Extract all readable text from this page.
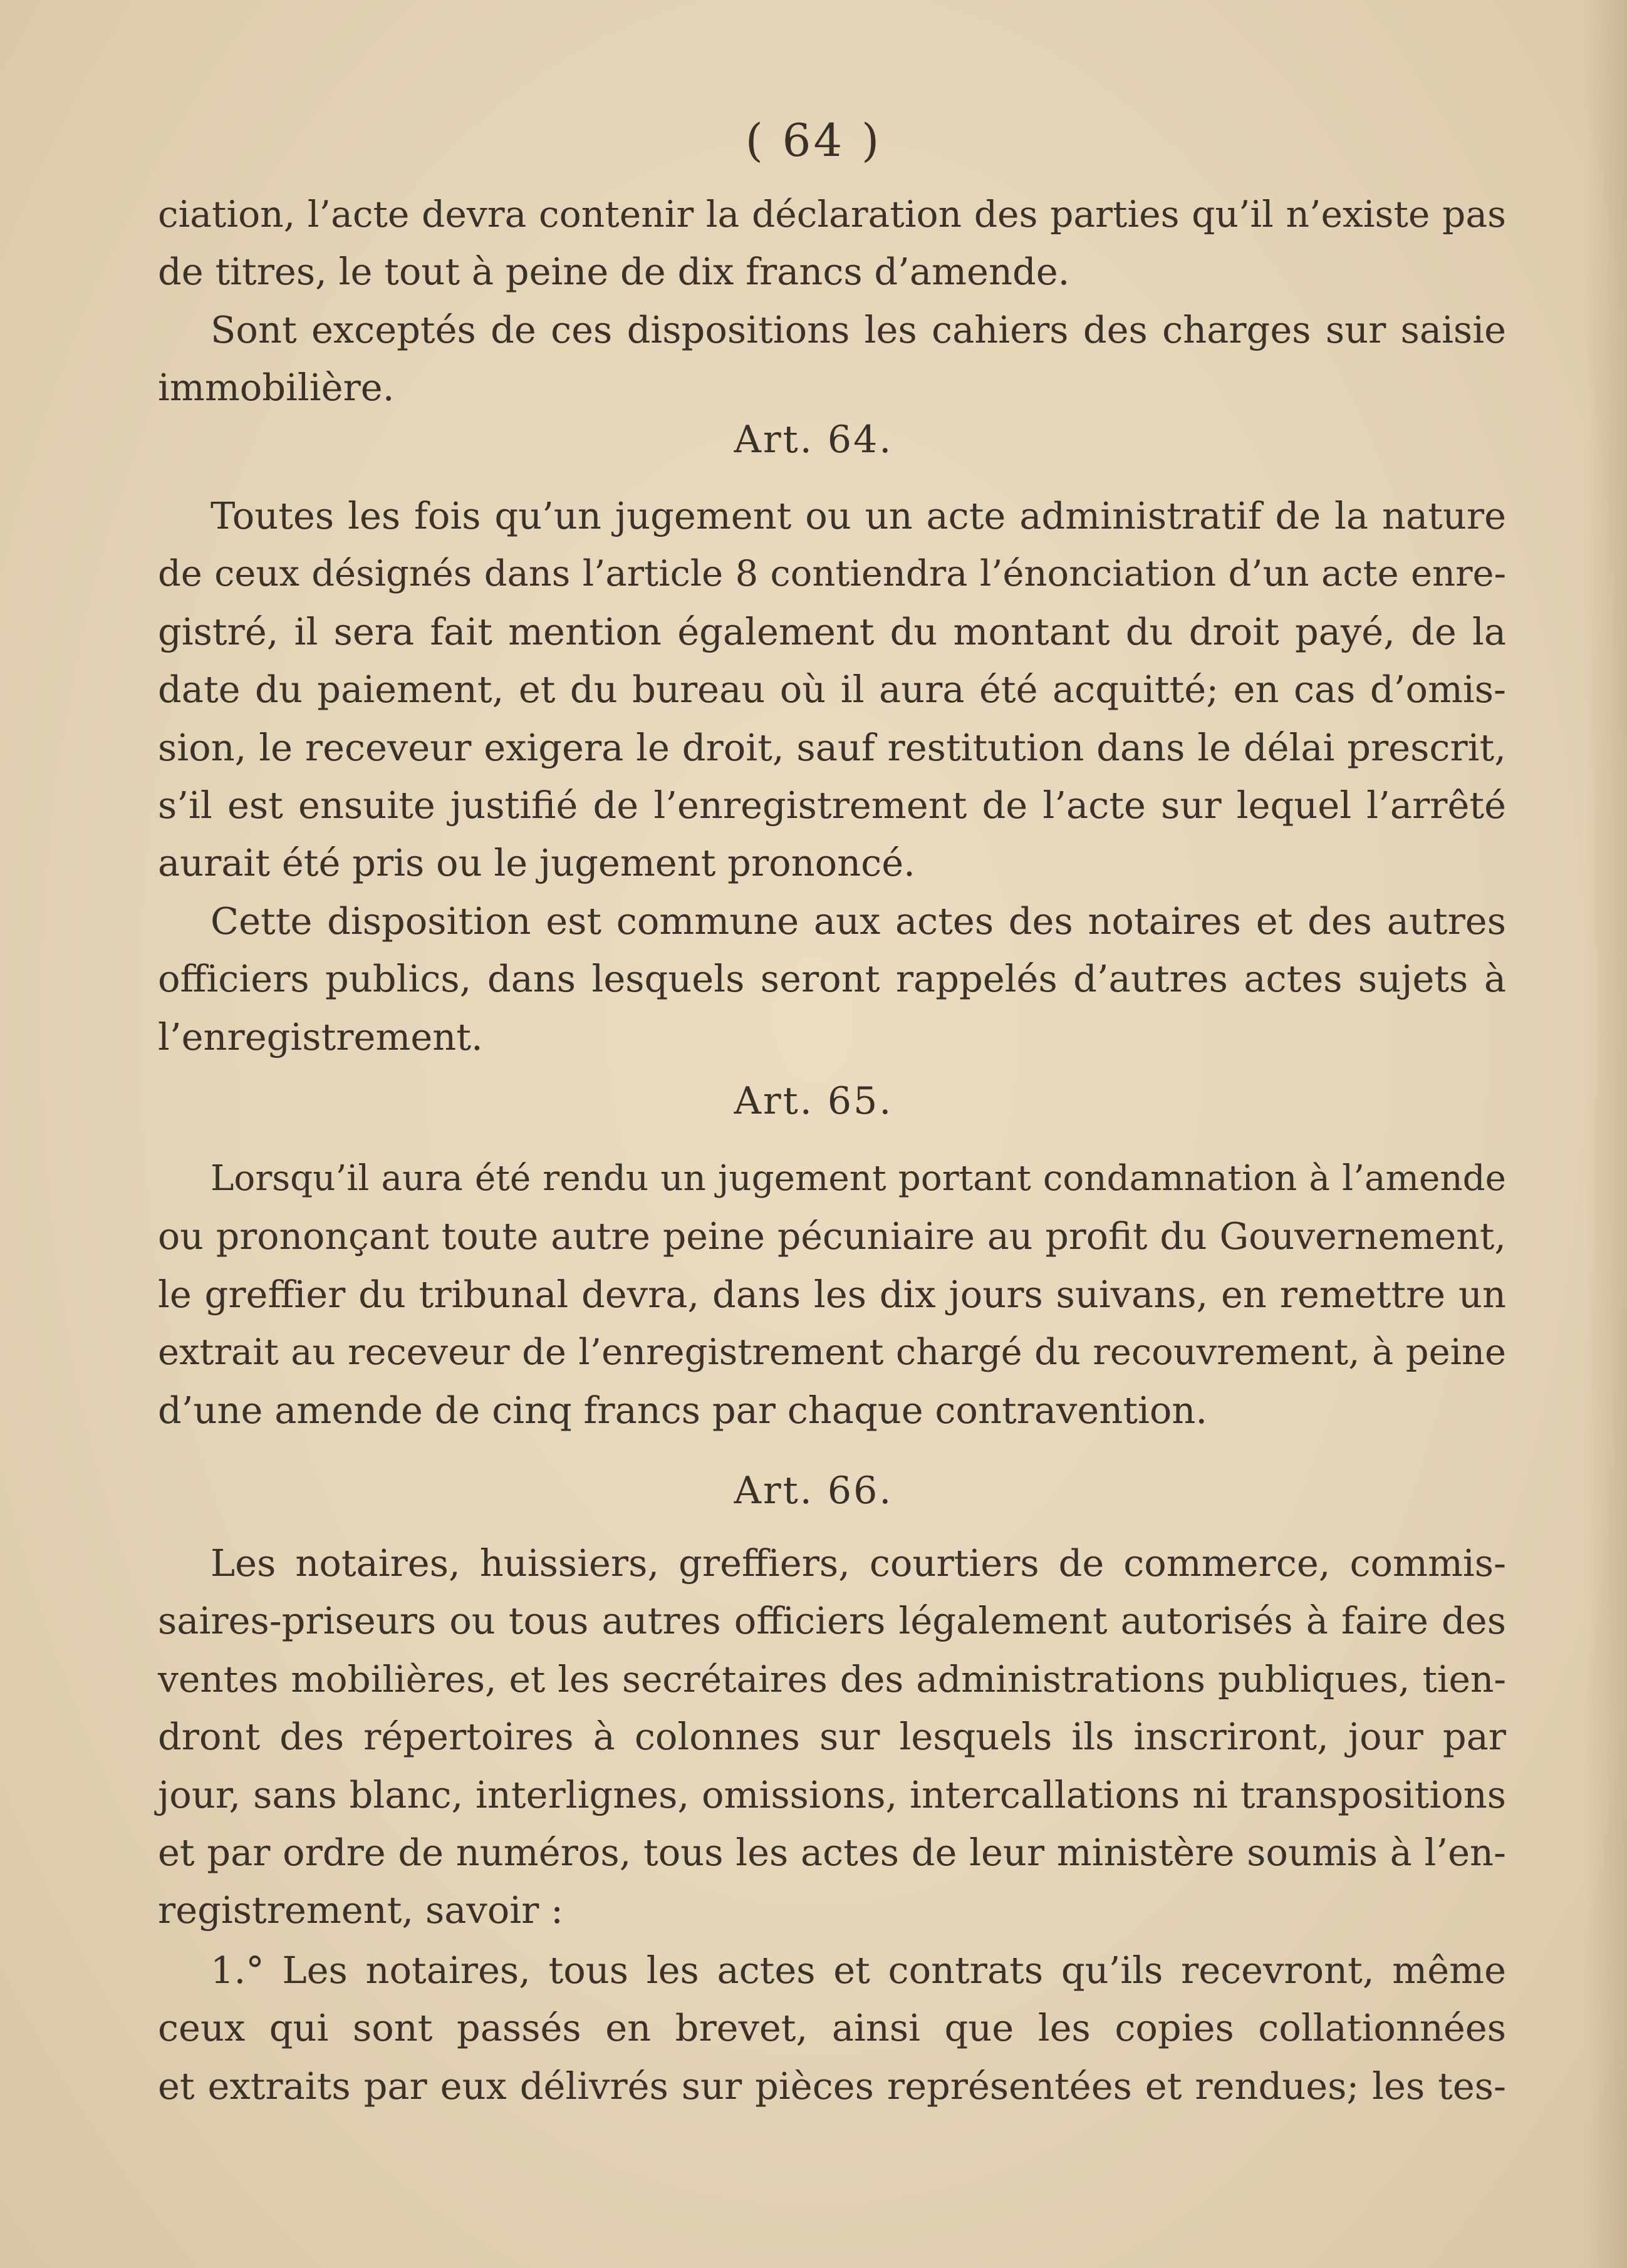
( 64 )
ciation, l’acte devra contenir la déclaration des parties qu’il n’existe pas
de titres, le tout à peine de dix francs d’amende.
Sont exceptés de ces dispositions les cahiers des charges sur saisie
immobilière.
Art. 64.
Toutes les fois qu’un jugement ou un acte administratif de la nature
de ceux désignés dans l’article 8 contiendra l’énonciation d’un acte enre-
gistré, il sera fait mention également du montant du droit payé, de la
date du paiement, et du bureau où il aura été acquitté; en cas d’omis-
sion, le receveur exigera le droit, sauf restitution dans le délai prescrit,
s’il est ensuite justifié de l’enregistrement de l’acte sur lequel l’arrêté
aurait été pris ou le jugement prononcé.
Cette disposition est commune aux actes des notaires et des autres
officiers publics, dans lesquels seront rappelés d’autres actes sujets à
l’enregistrement.
Art. 65.
Lorsqu’il aura été rendu un jugement portant condamnation à l’amende
ou prononçant toute autre peine pécuniaire au profit du Gouvernement,
le greffier du tribunal devra, dans les dix jours suivans, en remettre un
extrait au receveur de l’enregistrement chargé du recouvrement, à peine
d’une amende de cinq francs par chaque contravention.
Art. 66.
Les notaires, huissiers, greffiers, courtiers de commerce, commis-
saires-priseurs ou tous autres officiers légalement autorisés à faire des
ventes mobilières, et les secrétaires des administrations publiques, tien-
dront des répertoires à colonnes sur lesquels ils inscriront, jour par
jour, sans blanc, interlignes, omissions, intercallations ni transpositions
et par ordre de numéros, tous les actes de leur ministère soumis à l’en-
registrement, savoir :
1.° Les notaires, tous les actes et contrats qu’ils recevront, même
ceux qui sont passés en brevet, ainsi que les copies collationnées
et extraits par eux délivrés sur pièces représentées et rendues; les tes-
